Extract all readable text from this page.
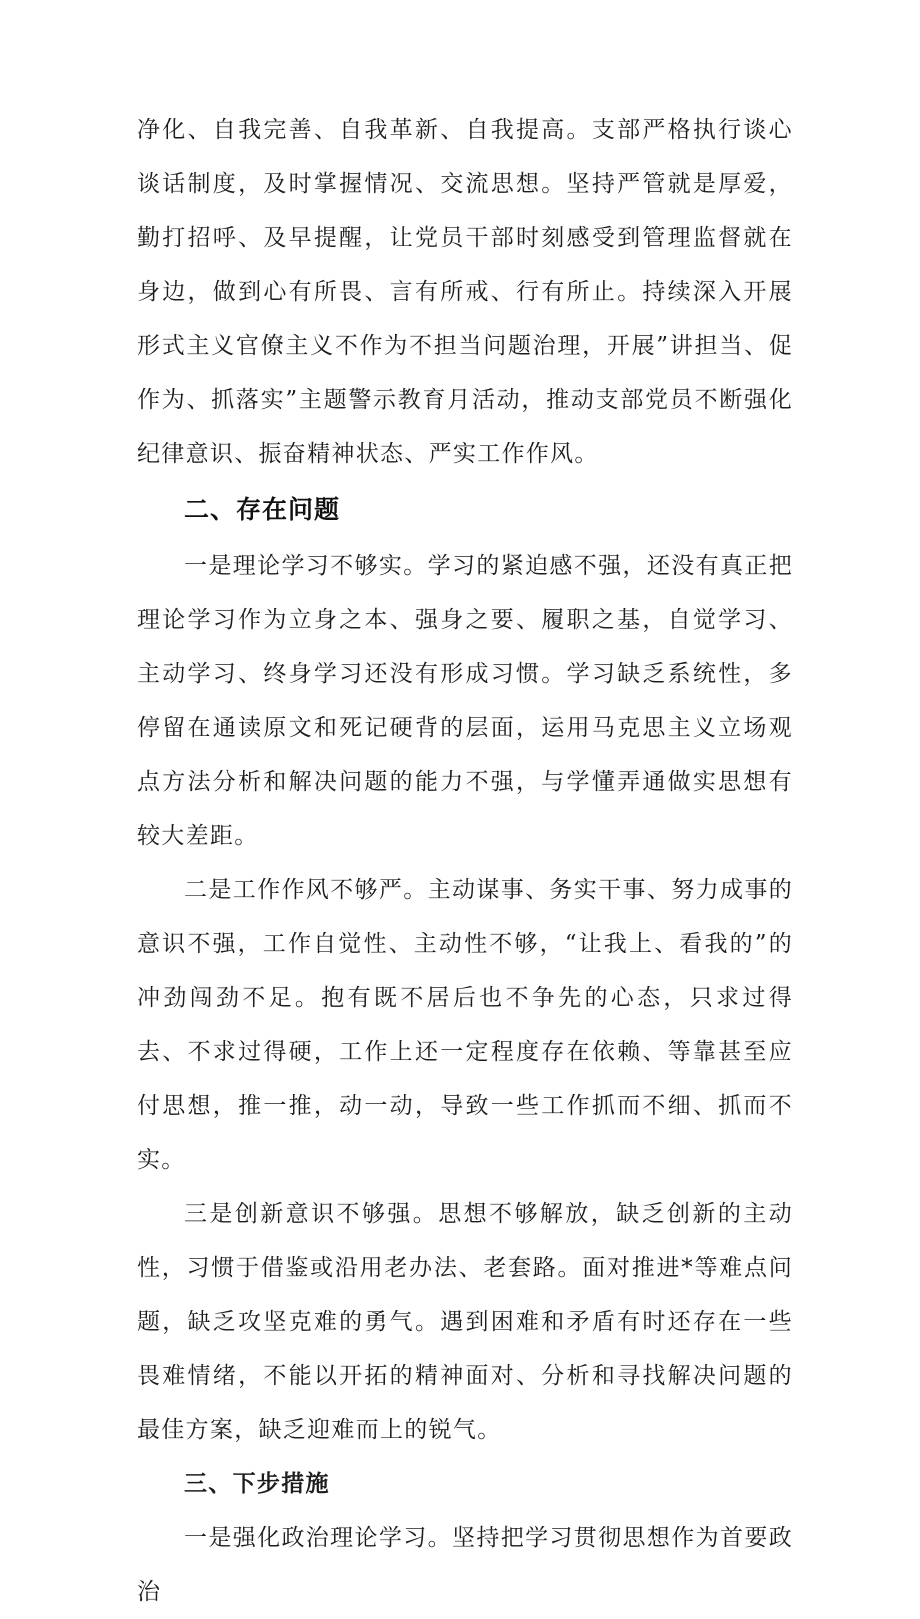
净化、自我完善、自我革新、自我提高。支部严格执行谈心谈话制度，及时掌握情况、交流思想。坚持严管就是厚爱，勤打招呼、及早提醒，让党员干部时刻感受到管理监督就在身边，做到心有所畏、言有所戒、行有所止。持续深入开展形式主义官僚主义不作为不担当问题治理，开展”讲担当、促作为、抓落实”主题警示教育月活动，推动支部党员不断强化纪律意识、振奋精神状态、严实工作作风。

二、存在问题

一是理论学习不够实。学习的紧迫感不强，还没有真正把理论学习作为立身之本、强身之要、履职之基，自觉学习、主动学习、终身学习还没有形成习惯。学习缺乏系统性，多停留在通读原文和死记硬背的层面，运用马克思主义立场观点方法分析和解决问题的能力不强，与学懂弄通做实思想有较大差距。

二是工作作风不够严。主动谋事、务实干事、努力成事的意识不强，工作自觉性、主动性不够，“让我上、看我的”的冲劲闯劲不足。抱有既不居后也不争先的心态，只求过得去、不求过得硬，工作上还一定程度存在依赖、等靠甚至应付思想，推一推，动一动，导致一些工作抓而不细、抓而不实。

三是创新意识不够强。思想不够解放，缺乏创新的主动性，习惯于借鉴或沿用老办法、老套路。面对推进*等难点问题，缺乏攻坚克难的勇气。遇到困难和矛盾有时还存在一些畏难情绪，不能以开拓的精神面对、分析和寻找解决问题的最佳方案，缺乏迎难而上的锐气。

三、下步措施

一是强化政治理论学习。坚持把学习贯彻思想作为首要政治
